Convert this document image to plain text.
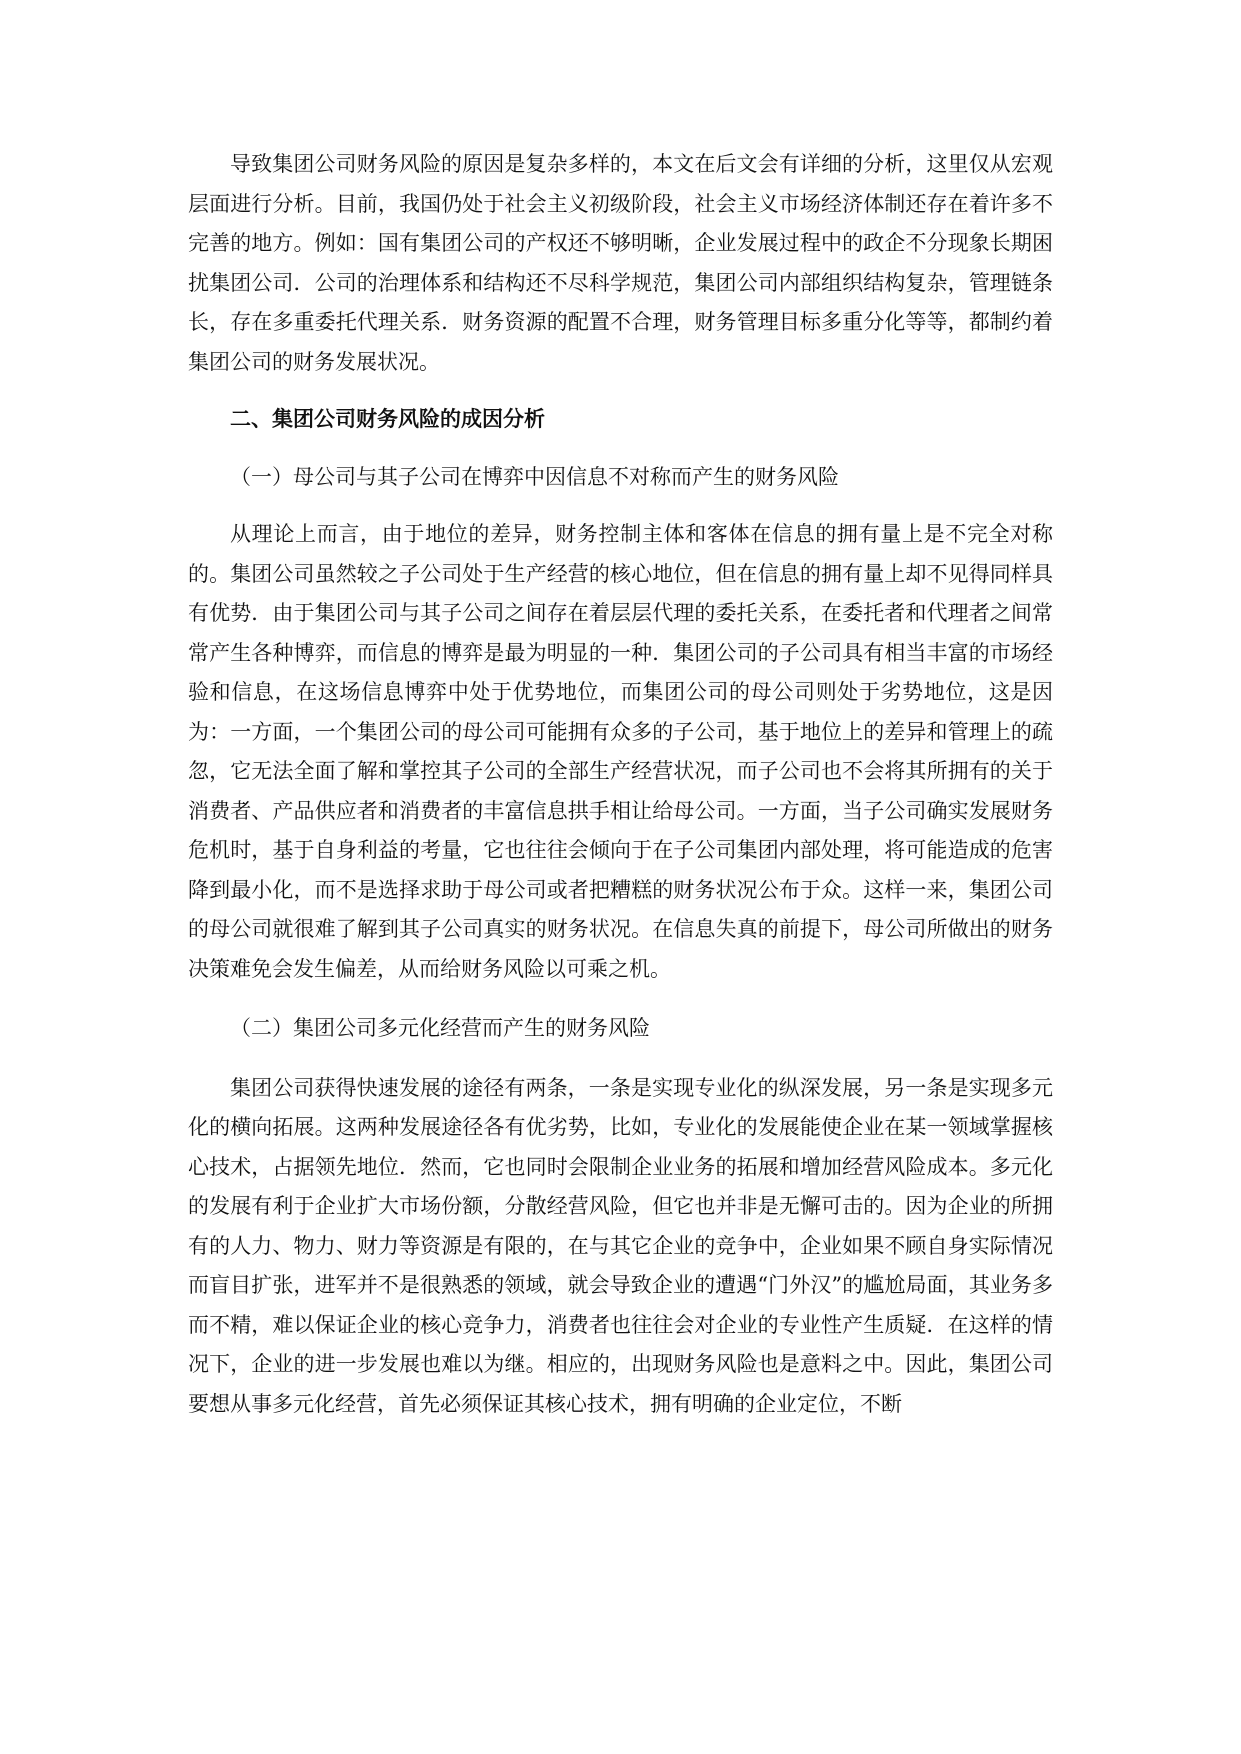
导致集团公司财务风险的原因是复杂多样的，本文在后文会有详细的分析，这里仅从宏观层面进行分析。目前，我国仍处于社会主义初级阶段，社会主义市场经济体制还存在着许多不完善的地方。例如：国有集团公司的产权还不够明晰，企业发展过程中的政企不分现象长期困扰集团公司．公司的治理体系和结构还不尽科学规范，集团公司内部组织结构复杂，管理链条长，存在多重委托代理关系．财务资源的配置不合理，财务管理目标多重分化等等，都制约着集团公司的财务发展状况。

二、集团公司财务风险的成因分析

（一）母公司与其子公司在博弈中因信息不对称而产生的财务风险

从理论上而言，由于地位的差异，财务控制主体和客体在信息的拥有量上是不完全对称的。集团公司虽然较之子公司处于生产经营的核心地位，但在信息的拥有量上却不见得同样具有优势．由于集团公司与其子公司之间存在着层层代理的委托关系，在委托者和代理者之间常常产生各种博弈，而信息的博弈是最为明显的一种．集团公司的子公司具有相当丰富的市场经验和信息，在这场信息博弈中处于优势地位，而集团公司的母公司则处于劣势地位，这是因为：一方面，一个集团公司的母公司可能拥有众多的子公司，基于地位上的差异和管理上的疏忽，它无法全面了解和掌控其子公司的全部生产经营状况，而子公司也不会将其所拥有的关于消费者、产品供应者和消费者的丰富信息拱手相让给母公司。一方面，当子公司确实发展财务危机时，基于自身利益的考量，它也往往会倾向于在子公司集团内部处理，将可能造成的危害降到最小化，而不是选择求助于母公司或者把糟糕的财务状况公布于众。这样一来，集团公司的母公司就很难了解到其子公司真实的财务状况。在信息失真的前提下，母公司所做出的财务决策难免会发生偏差，从而给财务风险以可乘之机。

（二）集团公司多元化经营而产生的财务风险

集团公司获得快速发展的途径有两条，一条是实现专业化的纵深发展，另一条是实现多元化的横向拓展。这两种发展途径各有优劣势，比如，专业化的发展能使企业在某一领域掌握核心技术，占据领先地位．然而，它也同时会限制企业业务的拓展和增加经营风险成本。多元化的发展有利于企业扩大市场份额，分散经营风险，但它也并非是无懈可击的。因为企业的所拥有的人力、物力、财力等资源是有限的，在与其它企业的竞争中，企业如果不顾自身实际情况而盲目扩张，进军并不是很熟悉的领域，就会导致企业的遭遇“门外汉”的尴尬局面，其业务多而不精，难以保证企业的核心竞争力，消费者也往往会对企业的专业性产生质疑．在这样的情况下，企业的进一步发展也难以为继。相应的，出现财务风险也是意料之中。因此，集团公司要想从事多元化经营，首先必须保证其核心技术，拥有明确的企业定位，不断
